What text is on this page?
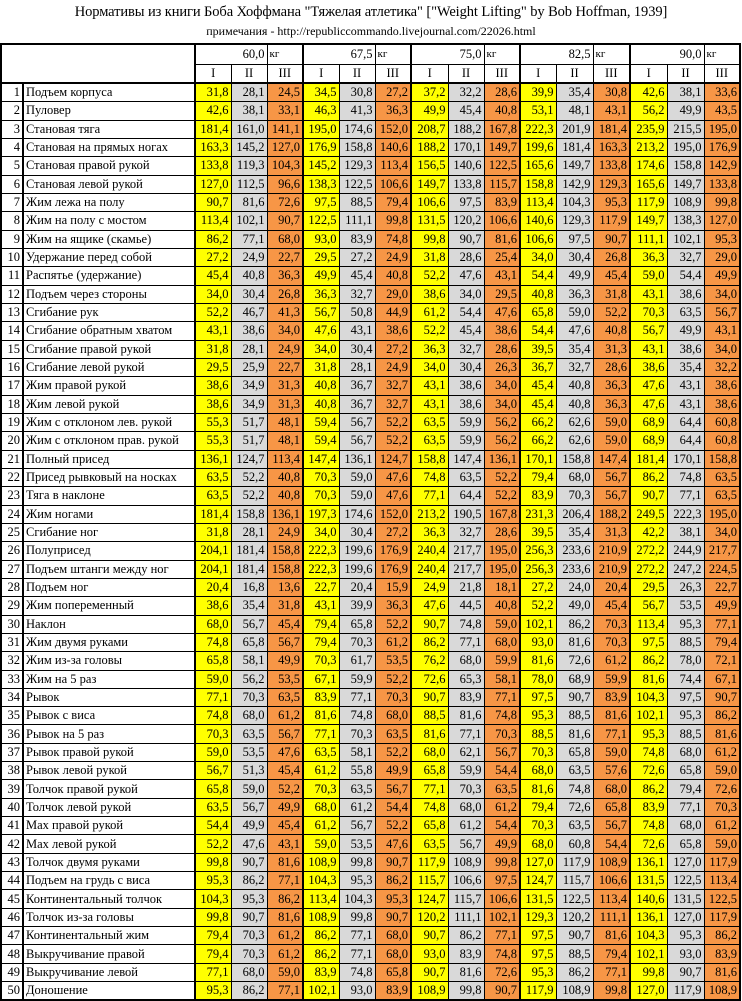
Нормативы из книги Боба Хоффмана "Тяжелая атлетика" ["Weight Lifting" by Bob Hoffman, 1939]
примечания - http://republiccommando.livejournal.com/22026.html
			60,0	кг		67,5	кг		75,0	кг		82,5	кг		90,0	кг
		I	II	III	I	II	III	I	II	III	I	II	III	I	II	III
1	Подъем корпуса	31,8	28,1	24,5	34,5	30,8	27,2	37,2	32,2	28,6	39,9	35,4	30,8	42,6	38,1	33,6
2	Пуловер	42,6	38,1	33,1	46,3	41,3	36,3	49,9	45,4	40,8	53,1	48,1	43,1	56,2	49,9	43,5
3	Становая тяга	181,4	161,0	141,1	195,0	174,6	152,0	208,7	188,2	167,8	222,3	201,9	181,4	235,9	215,5	195,0
4	Становая на прямых ногах	163,3	145,2	127,0	176,9	158,8	140,6	188,2	170,1	149,7	199,6	181,4	163,3	213,2	195,0	176,9
5	Становая правой рукой	133,8	119,3	104,3	145,2	129,3	113,4	156,5	140,6	122,5	165,6	149,7	133,8	174,6	158,8	142,9
6	Становая левой рукой	127,0	112,5	96,6	138,3	122,5	106,6	149,7	133,8	115,7	158,8	142,9	129,3	165,6	149,7	133,8
7	Жим лежа на полу	90,7	81,6	72,6	97,5	88,5	79,4	106,6	97,5	83,9	113,4	104,3	95,3	117,9	108,9	99,8
8	Жим на полу с мостом	113,4	102,1	90,7	122,5	111,1	99,8	131,5	120,2	106,6	140,6	129,3	117,9	149,7	138,3	127,0
9	Жим на ящике (скамье)	86,2	77,1	68,0	93,0	83,9	74,8	99,8	90,7	81,6	106,6	97,5	90,7	111,1	102,1	95,3
10	Удержание перед собой	27,2	24,9	22,7	29,5	27,2	24,9	31,8	28,6	25,4	34,0	30,4	26,8	36,3	32,7	29,0
11	Распятье (удержание)	45,4	40,8	36,3	49,9	45,4	40,8	52,2	47,6	43,1	54,4	49,9	45,4	59,0	54,4	49,9
12	Подъем через стороны	34,0	30,4	26,8	36,3	32,7	29,0	38,6	34,0	29,5	40,8	36,3	31,8	43,1	38,6	34,0
13	Сгибание рук	52,2	46,7	41,3	56,7	50,8	44,9	61,2	54,4	47,6	65,8	59,0	52,2	70,3	63,5	56,7
14	Сгибание обратным хватом	43,1	38,6	34,0	47,6	43,1	38,6	52,2	45,4	38,6	54,4	47,6	40,8	56,7	49,9	43,1
15	Сгибание правой рукой	31,8	28,1	24,9	34,0	30,4	27,2	36,3	32,7	28,6	39,5	35,4	31,3	43,1	38,6	34,0
16	Сгибание левой рукой	29,5	25,9	22,7	31,8	28,1	24,9	34,0	30,4	26,3	36,7	32,7	28,6	38,6	35,4	32,2
17	Жим правой рукой	38,6	34,9	31,3	40,8	36,7	32,7	43,1	38,6	34,0	45,4	40,8	36,3	47,6	43,1	38,6
18	Жим левой рукой	38,6	34,9	31,3	40,8	36,7	32,7	43,1	38,6	34,0	45,4	40,8	36,3	47,6	43,1	38,6
19	Жим с отклоном лев. рукой	55,3	51,7	48,1	59,4	56,7	52,2	63,5	59,9	56,2	66,2	62,6	59,0	68,9	64,4	60,8
20	Жим с отклоном прав. рукой	55,3	51,7	48,1	59,4	56,7	52,2	63,5	59,9	56,2	66,2	62,6	59,0	68,9	64,4	60,8
21	Полный присед	136,1	124,7	113,4	147,4	136,1	124,7	158,8	147,4	136,1	170,1	158,8	147,4	181,4	170,1	158,8
22	Присед рывковый на носках	63,5	52,2	40,8	70,3	59,0	47,6	74,8	63,5	52,2	79,4	68,0	56,7	86,2	74,8	63,5
23	Тяга в наклоне	63,5	52,2	40,8	70,3	59,0	47,6	77,1	64,4	52,2	83,9	70,3	56,7	90,7	77,1	63,5
24	Жим ногами	181,4	158,8	136,1	197,3	174,6	152,0	213,2	190,5	167,8	231,3	206,4	188,2	249,5	222,3	195,0
25	Сгибание ног	31,8	28,1	24,9	34,0	30,4	27,2	36,3	32,7	28,6	39,5	35,4	31,3	42,2	38,1	34,0
26	Полуприсед	204,1	181,4	158,8	222,3	199,6	176,9	240,4	217,7	195,0	256,3	233,6	210,9	272,2	244,9	217,7
27	Подъем штанги между ног	204,1	181,4	158,8	222,3	199,6	176,9	240,4	217,7	195,0	256,3	233,6	210,9	272,2	247,2	224,5
28	Подъем ног	20,4	16,8	13,6	22,7	20,4	15,9	24,9	21,8	18,1	27,2	24,0	20,4	29,5	26,3	22,7
29	Жим попеременный	38,6	35,4	31,8	43,1	39,9	36,3	47,6	44,5	40,8	52,2	49,0	45,4	56,7	53,5	49,9
30	Наклон	68,0	56,7	45,4	79,4	65,8	52,2	90,7	74,8	59,0	102,1	86,2	70,3	113,4	95,3	77,1
31	Жим двумя руками	74,8	65,8	56,7	79,4	70,3	61,2	86,2	77,1	68,0	93,0	81,6	70,3	97,5	88,5	79,4
32	Жим из-за головы	65,8	58,1	49,9	70,3	61,7	53,5	76,2	68,0	59,9	81,6	72,6	61,2	86,2	78,0	72,1
33	Жим на 5 раз	59,0	56,2	53,5	67,1	59,9	52,2	72,6	65,3	58,1	78,0	68,9	59,9	81,6	74,4	67,1
34	Рывок	77,1	70,3	63,5	83,9	77,1	70,3	90,7	83,9	77,1	97,5	90,7	83,9	104,3	97,5	90,7
35	Рывок с виса	74,8	68,0	61,2	81,6	74,8	68,0	88,5	81,6	74,8	95,3	88,5	81,6	102,1	95,3	86,2
36	Рывок на 5 раз	70,3	63,5	56,7	77,1	70,3	63,5	81,6	77,1	70,3	88,5	81,6	77,1	95,3	88,5	81,6
37	Рывок правой рукой	59,0	53,5	47,6	63,5	58,1	52,2	68,0	62,1	56,7	70,3	65,8	59,0	74,8	68,0	61,2
38	Рывок левой рукой	56,7	51,3	45,4	61,2	55,8	49,9	65,8	59,9	54,4	68,0	63,5	57,6	72,6	65,8	59,0
39	Толчок правой рукой	65,8	59,0	52,2	70,3	63,5	56,7	77,1	70,3	63,5	81,6	74,8	68,0	86,2	79,4	72,6
40	Толчок левой рукой	63,5	56,7	49,9	68,0	61,2	54,4	74,8	68,0	61,2	79,4	72,6	65,8	83,9	77,1	70,3
41	Мах правой рукой	54,4	49,9	45,4	61,2	56,7	52,2	65,8	61,2	54,4	70,3	63,5	56,7	74,8	68,0	61,2
42	Мах левой рукой	52,2	47,6	43,1	59,0	53,5	47,6	63,5	56,7	49,9	68,0	60,8	54,4	72,6	65,8	59,0
43	Толчок двумя руками	99,8	90,7	81,6	108,9	99,8	90,7	117,9	108,9	99,8	127,0	117,9	108,9	136,1	127,0	117,9
44	Подъем на грудь с виса	95,3	86,2	77,1	104,3	95,3	86,2	115,7	106,6	97,5	124,7	115,7	106,6	131,5	122,5	113,4
45	Континентальный толчок	104,3	95,3	86,2	113,4	104,3	95,3	124,7	115,7	106,6	131,5	122,5	113,4	140,6	131,5	122,5
46	Толчок из-за головы	99,8	90,7	81,6	108,9	99,8	90,7	120,2	111,1	102,1	129,3	120,2	111,1	136,1	127,0	117,9
47	Континентальный жим	79,4	70,3	61,2	86,2	77,1	68,0	90,7	86,2	77,1	97,5	90,7	81,6	104,3	95,3	86,2
48	Выкручивание правой	79,4	70,3	61,2	86,2	77,1	68,0	93,0	83,9	74,8	97,5	88,5	79,4	102,1	93,0	83,9
49	Выкручивание левой	77,1	68,0	59,0	83,9	74,8	65,8	90,7	81,6	72,6	95,3	86,2	77,1	99,8	90,7	81,6
50	Доношение	95,3	86,2	77,1	102,1	93,0	83,9	108,9	99,8	90,7	117,9	108,9	99,8	127,0	117,9	108,9
